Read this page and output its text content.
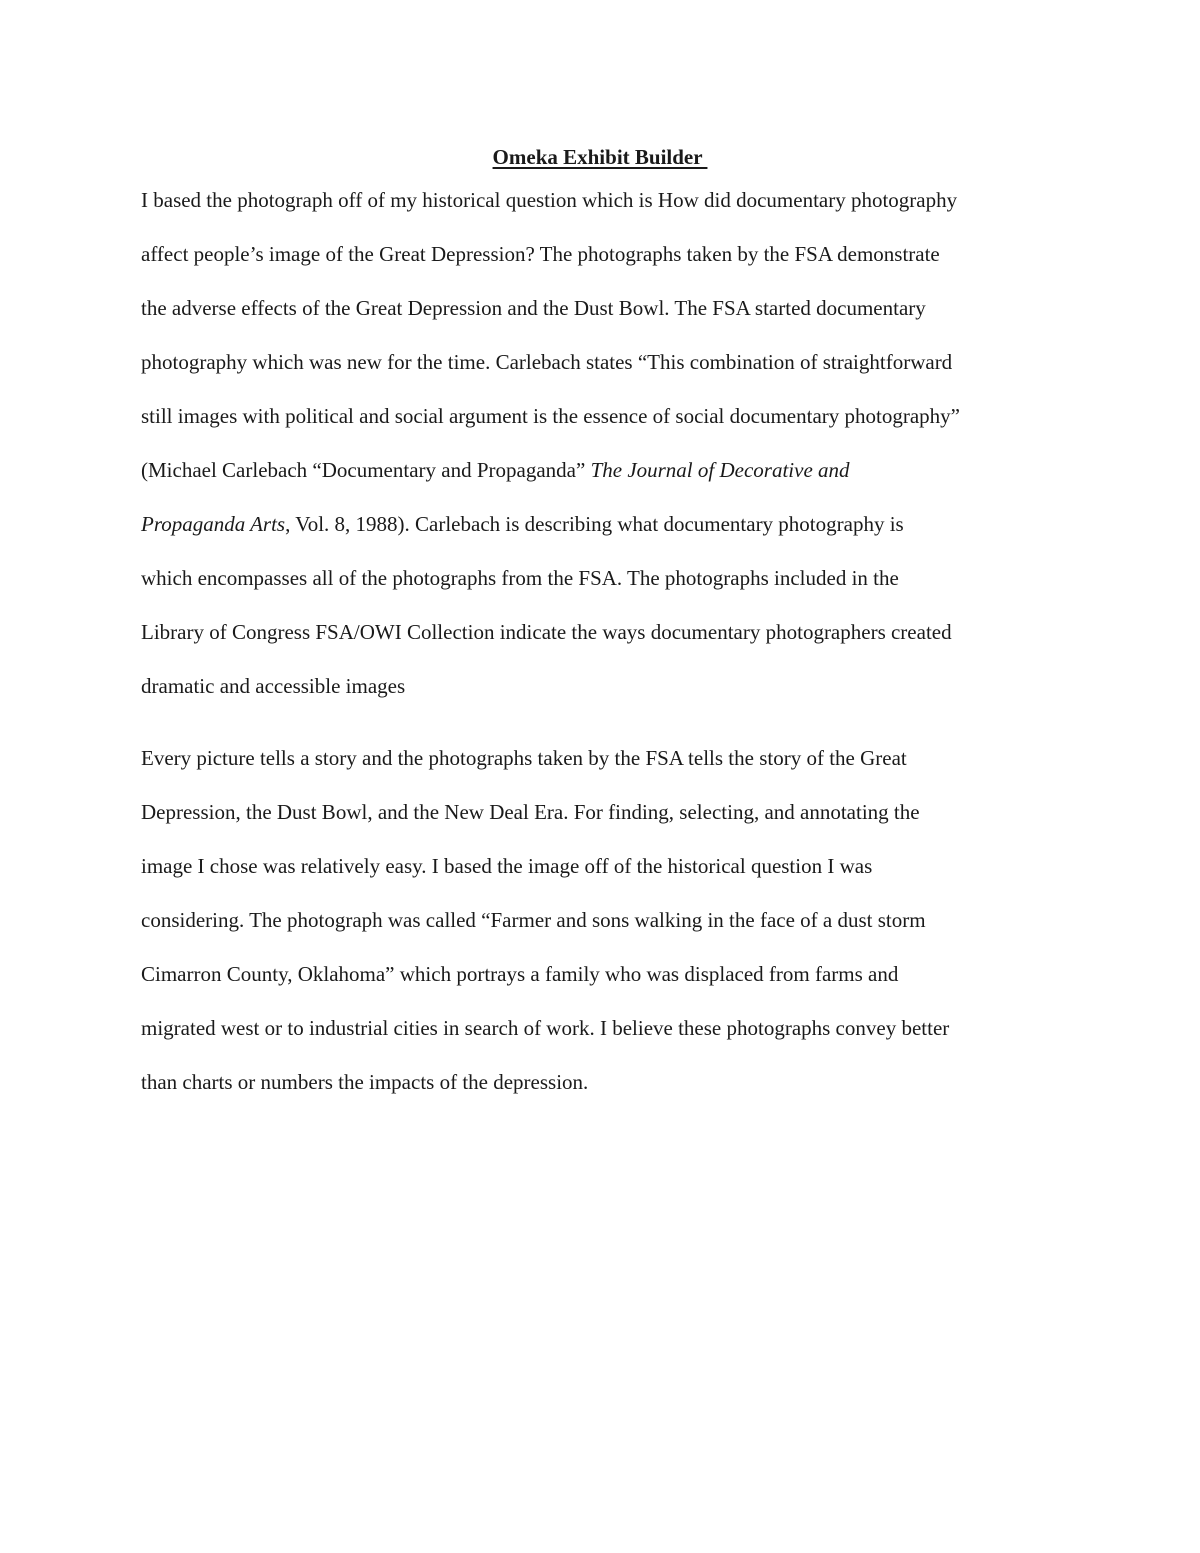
Omeka Exhibit Builder
I based the photograph off of my historical question which is How did documentary photography
affect people’s image of the Great Depression? The photographs taken by the FSA demonstrate
the adverse effects of the Great Depression and the Dust Bowl. The FSA started documentary
photography which was new for the time. Carlebach states “This combination of straightforward
still images with political and social argument is the essence of social documentary photography”
(Michael Carlebach “Documentary and Propaganda” The Journal of Decorative and
Propaganda Arts, Vol. 8, 1988). Carlebach is describing what documentary photography is
which encompasses all of the photographs from the FSA. The photographs included in the
Library of Congress FSA/OWI Collection indicate the ways documentary photographers created
dramatic and accessible images
Every picture tells a story and the photographs taken by the FSA tells the story of the Great
Depression, the Dust Bowl, and the New Deal Era. For finding, selecting, and annotating the
image I chose was relatively easy. I based the image off of the historical question I was
considering. The photograph was called “Farmer and sons walking in the face of a dust storm
Cimarron County, Oklahoma” which portrays a family who was displaced from farms and
migrated west or to industrial cities in search of work. I believe these photographs convey better
than charts or numbers the impacts of the depression.
